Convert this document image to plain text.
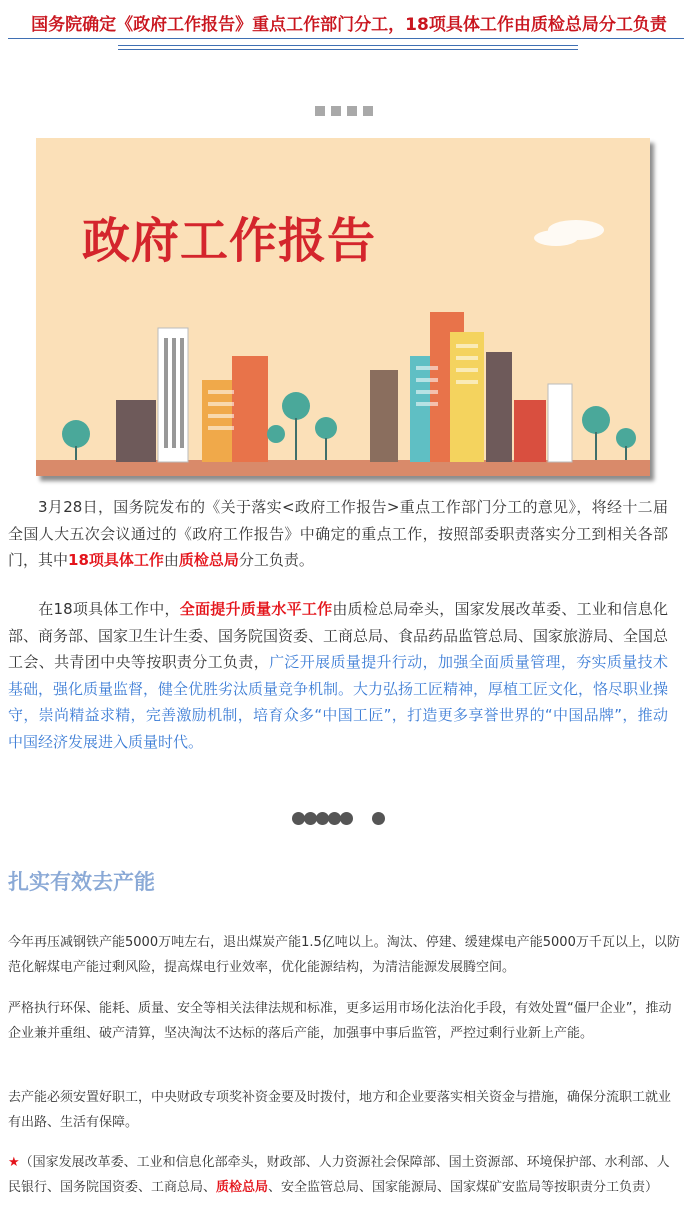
国务院确定《政府工作报告》重点工作部门分工，18项具体工作由质检总局分工负责
政府工作报告
3月28日，国务院发布的《关于落实<政府工作报告>重点工作部门分工的意见》，将经十二届全国人大五次会议通过的《政府工作报告》中确定的重点工作，按照部委职责落实分工到相关各部门，其中18项具体工作由质检总局分工负责。
在18项具体工作中，全面提升质量水平工作由质检总局牵头，国家发展改革委、工业和信息化部、商务部、国家卫生计生委、国务院国资委、工商总局、食品药品监管总局、国家旅游局、全国总工会、共青团中央等按职责分工负责，广泛开展质量提升行动，加强全面质量管理，夯实质量技术基础，强化质量监督，健全优胜劣汰质量竞争机制。大力弘扬工匠精神，厚植工匠文化，恪尽职业操守，崇尚精益求精，完善激励机制，培育众多“中国工匠”，打造更多享誉世界的“中国品牌”，推动中国经济发展进入质量时代。
扎实有效去产能
今年再压减钢铁产能5000万吨左右，退出煤炭产能1.5亿吨以上。淘汰、停建、缓建煤电产能5000万千瓦以上，以防范化解煤电产能过剩风险，提高煤电行业效率，优化能源结构，为清洁能源发展腾空间。
严格执行环保、能耗、质量、安全等相关法律法规和标准，更多运用市场化法治化手段，有效处置“僵尸企业”，推动企业兼并重组、破产清算，坚决淘汰不达标的落后产能，加强事中事后监管，严控过剩行业新上产能。
去产能必须安置好职工，中央财政专项奖补资金要及时拨付，地方和企业要落实相关资金与措施，确保分流职工就业有出路、生活有保障。
★（国家发展改革委、工业和信息化部牵头，财政部、人力资源社会保障部、国土资源部、环境保护部、水利部、人民银行、国务院国资委、工商总局、质检总局、安全监管总局、国家能源局、国家煤矿安监局等按职责分工负责）
